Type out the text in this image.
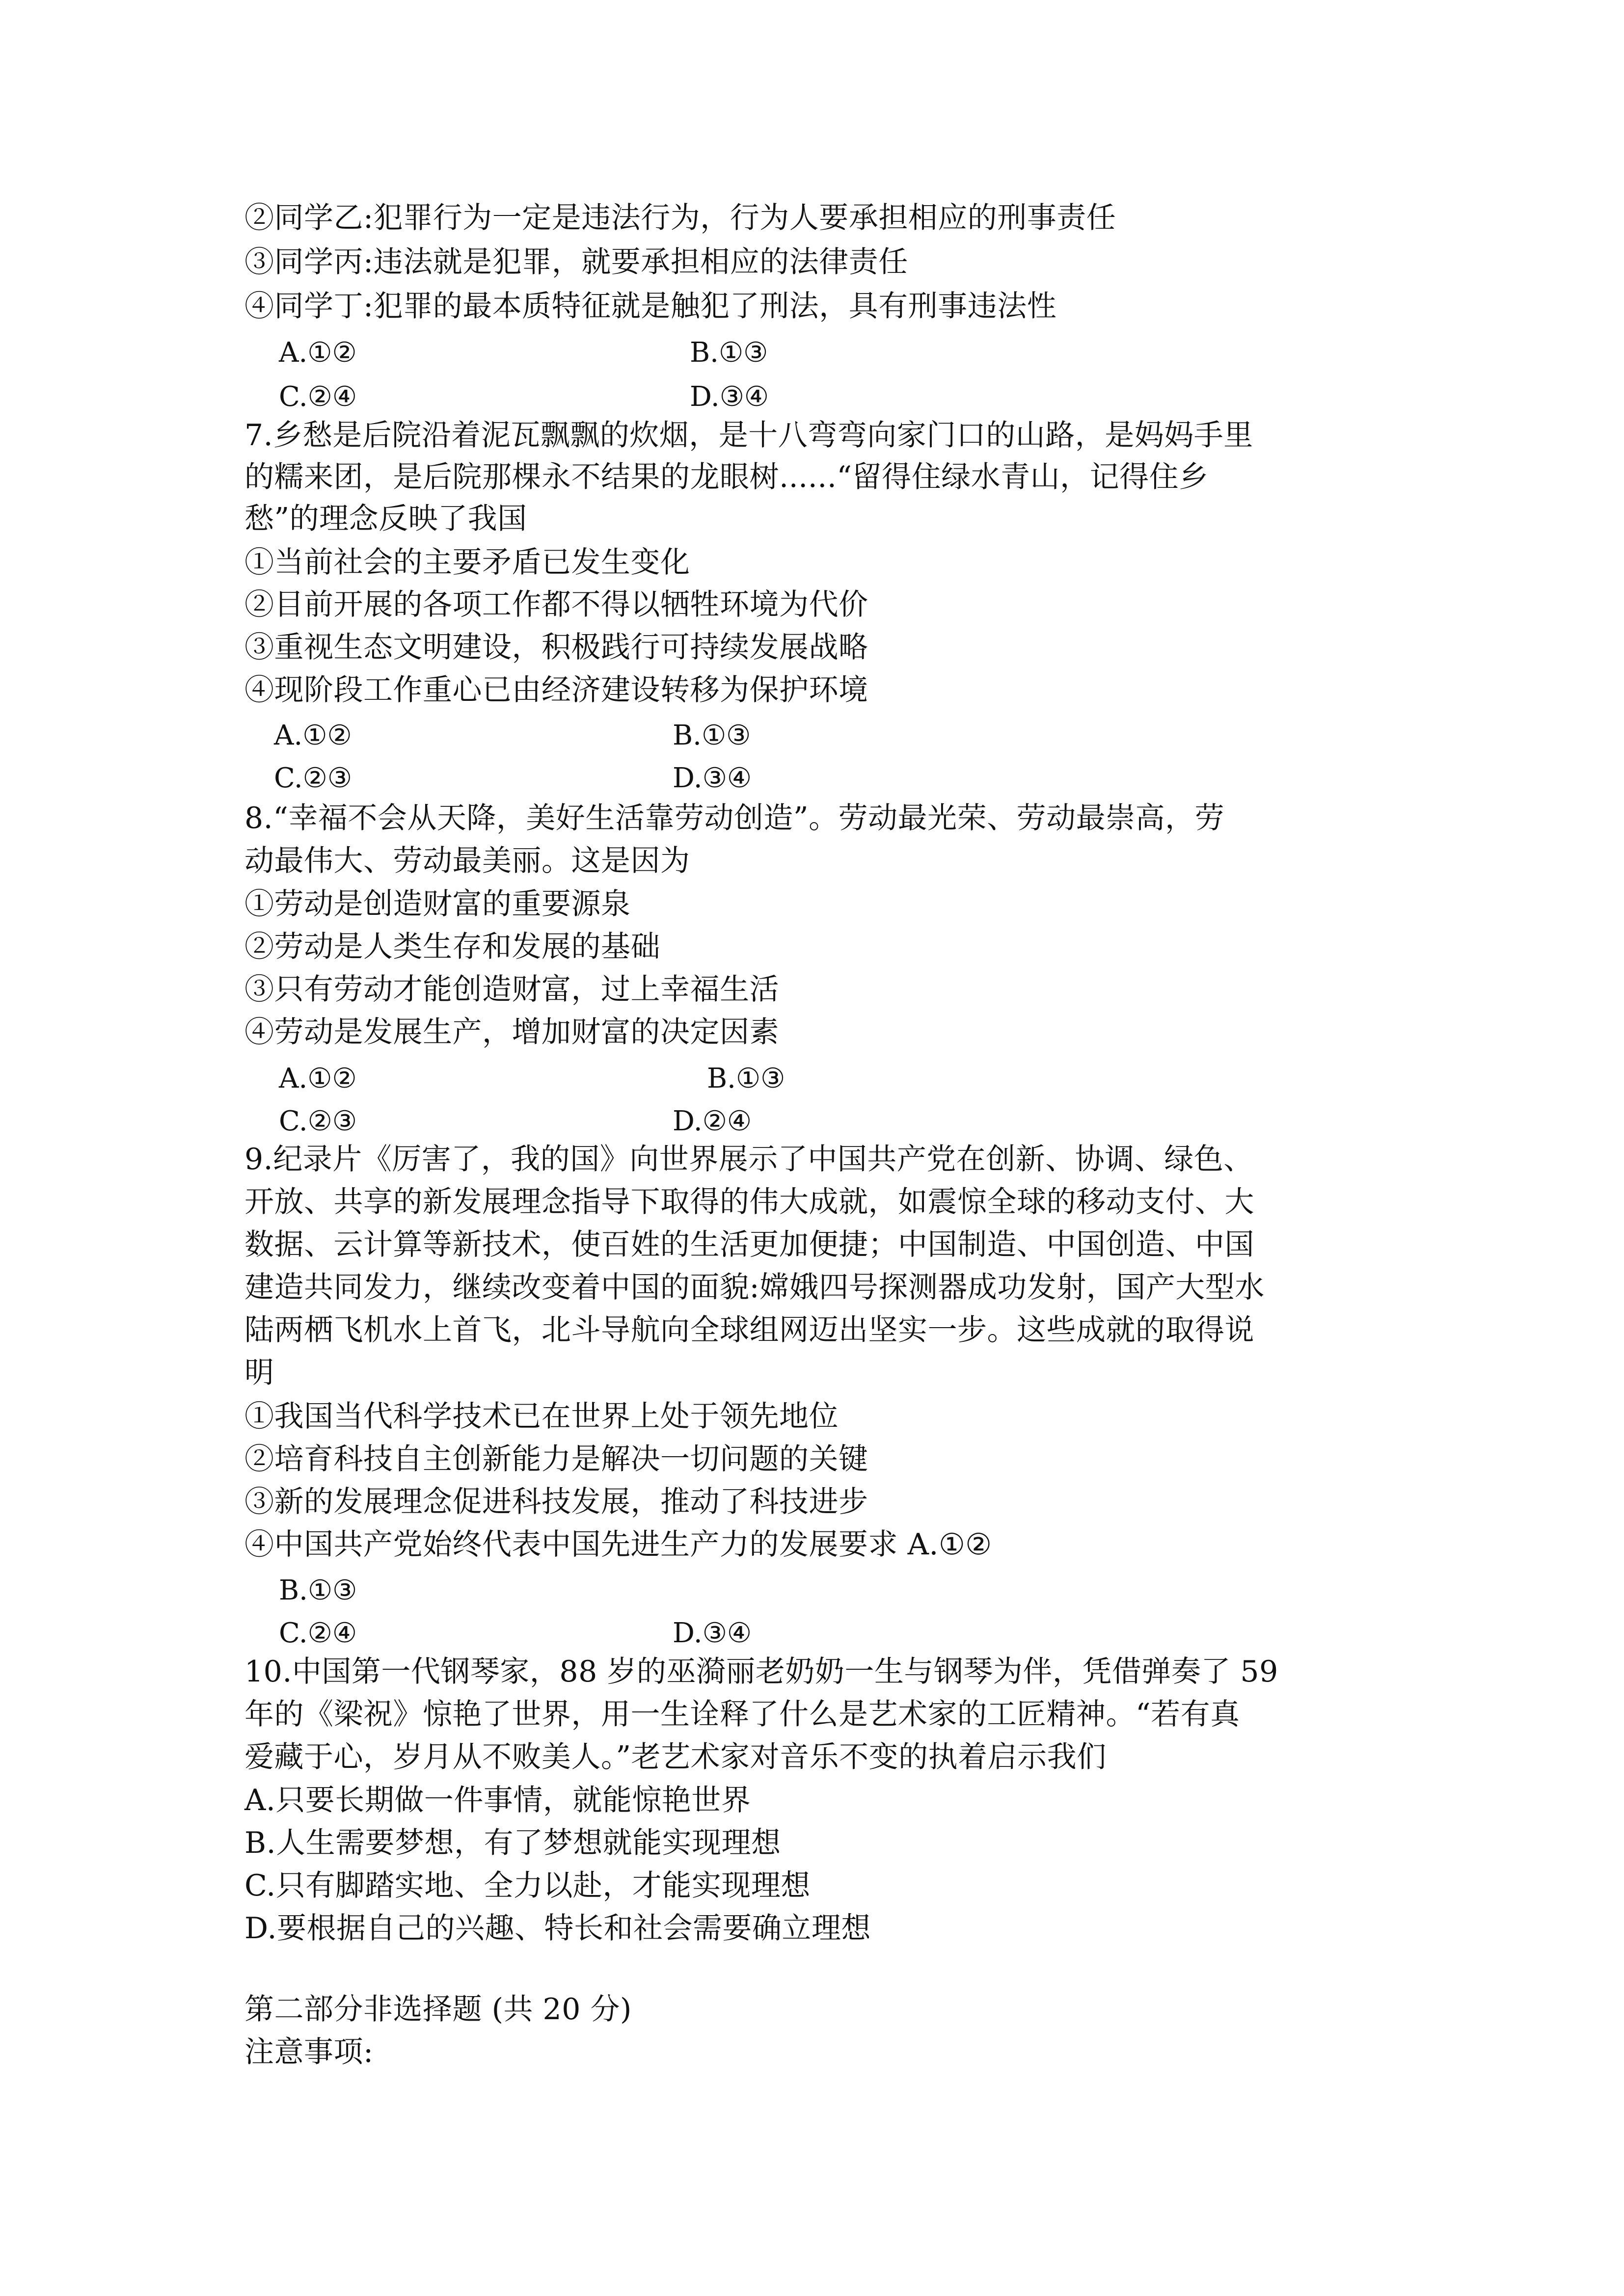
②同学乙:犯罪行为一定是违法行为，行为人要承担相应的刑事责任
③同学丙:违法就是犯罪，就要承担相应的法律责任
④同学丁:犯罪的最本质特征就是触犯了刑法，具有刑事违法性
A.①②	B.①③
C.②④	D.③④
7.乡愁是后院沿着泥瓦飘飘的炊烟，是十八弯弯向家门口的山路，是妈妈手里
的糯来团，是后院那棵永不结果的龙眼树......“留得住绿水青山，记得住乡
愁”的理念反映了我国
①当前社会的主要矛盾已发生变化
②目前开展的各项工作都不得以牺牲环境为代价
③重视生态文明建设，积极践行可持续发展战略
④现阶段工作重心已由经济建设转移为保护环境
A.①②	B.①③
C.②③	D.③④
8.“幸福不会从天降，美好生活靠劳动创造”。劳动最光荣、劳动最崇高，劳
动最伟大、劳动最美丽。这是因为
①劳动是创造财富的重要源泉
②劳动是人类生存和发展的基础
③只有劳动才能创造财富，过上幸福生活
④劳动是发展生产，增加财富的决定因素
A.①②	B.①③
C.②③	D.②④
9.纪录片《厉害了，我的国》向世界展示了中国共产党在创新、协调、绿色、
开放、共享的新发展理念指导下取得的伟大成就，如震惊全球的移动支付、大
数据、云计算等新技术，使百姓的生活更加便捷；中国制造、中国创造、中国
建造共同发力，继续改变着中国的面貌:嫦娥四号探测器成功发射，国产大型水
陆两栖飞机水上首飞，北斗导航向全球组网迈出坚实一步。这些成就的取得说
明
①我国当代科学技术已在世界上处于领先地位
②培育科技自主创新能力是解决一切问题的关键
③新的发展理念促进科技发展，推动了科技进步
④中国共产党始终代表中国先进生产力的发展要求 A.①②
B.①③
C.②④	D.③④
10.中国第一代钢琴家，88 岁的巫漪丽老奶奶一生与钢琴为伴，凭借弹奏了 59
年的《梁祝》惊艳了世界，用一生诠释了什么是艺术家的工匠精神。“若有真
爱藏于心，岁月从不败美人。”老艺术家对音乐不变的执着启示我们
A.只要长期做一件事情，就能惊艳世界
B.人生需要梦想，有了梦想就能实现理想
C.只有脚踏实地、全力以赴，才能实现理想
D.要根据自己的兴趣、特长和社会需要确立理想
第二部分非选择题 (共 20 分)
注意事项:
